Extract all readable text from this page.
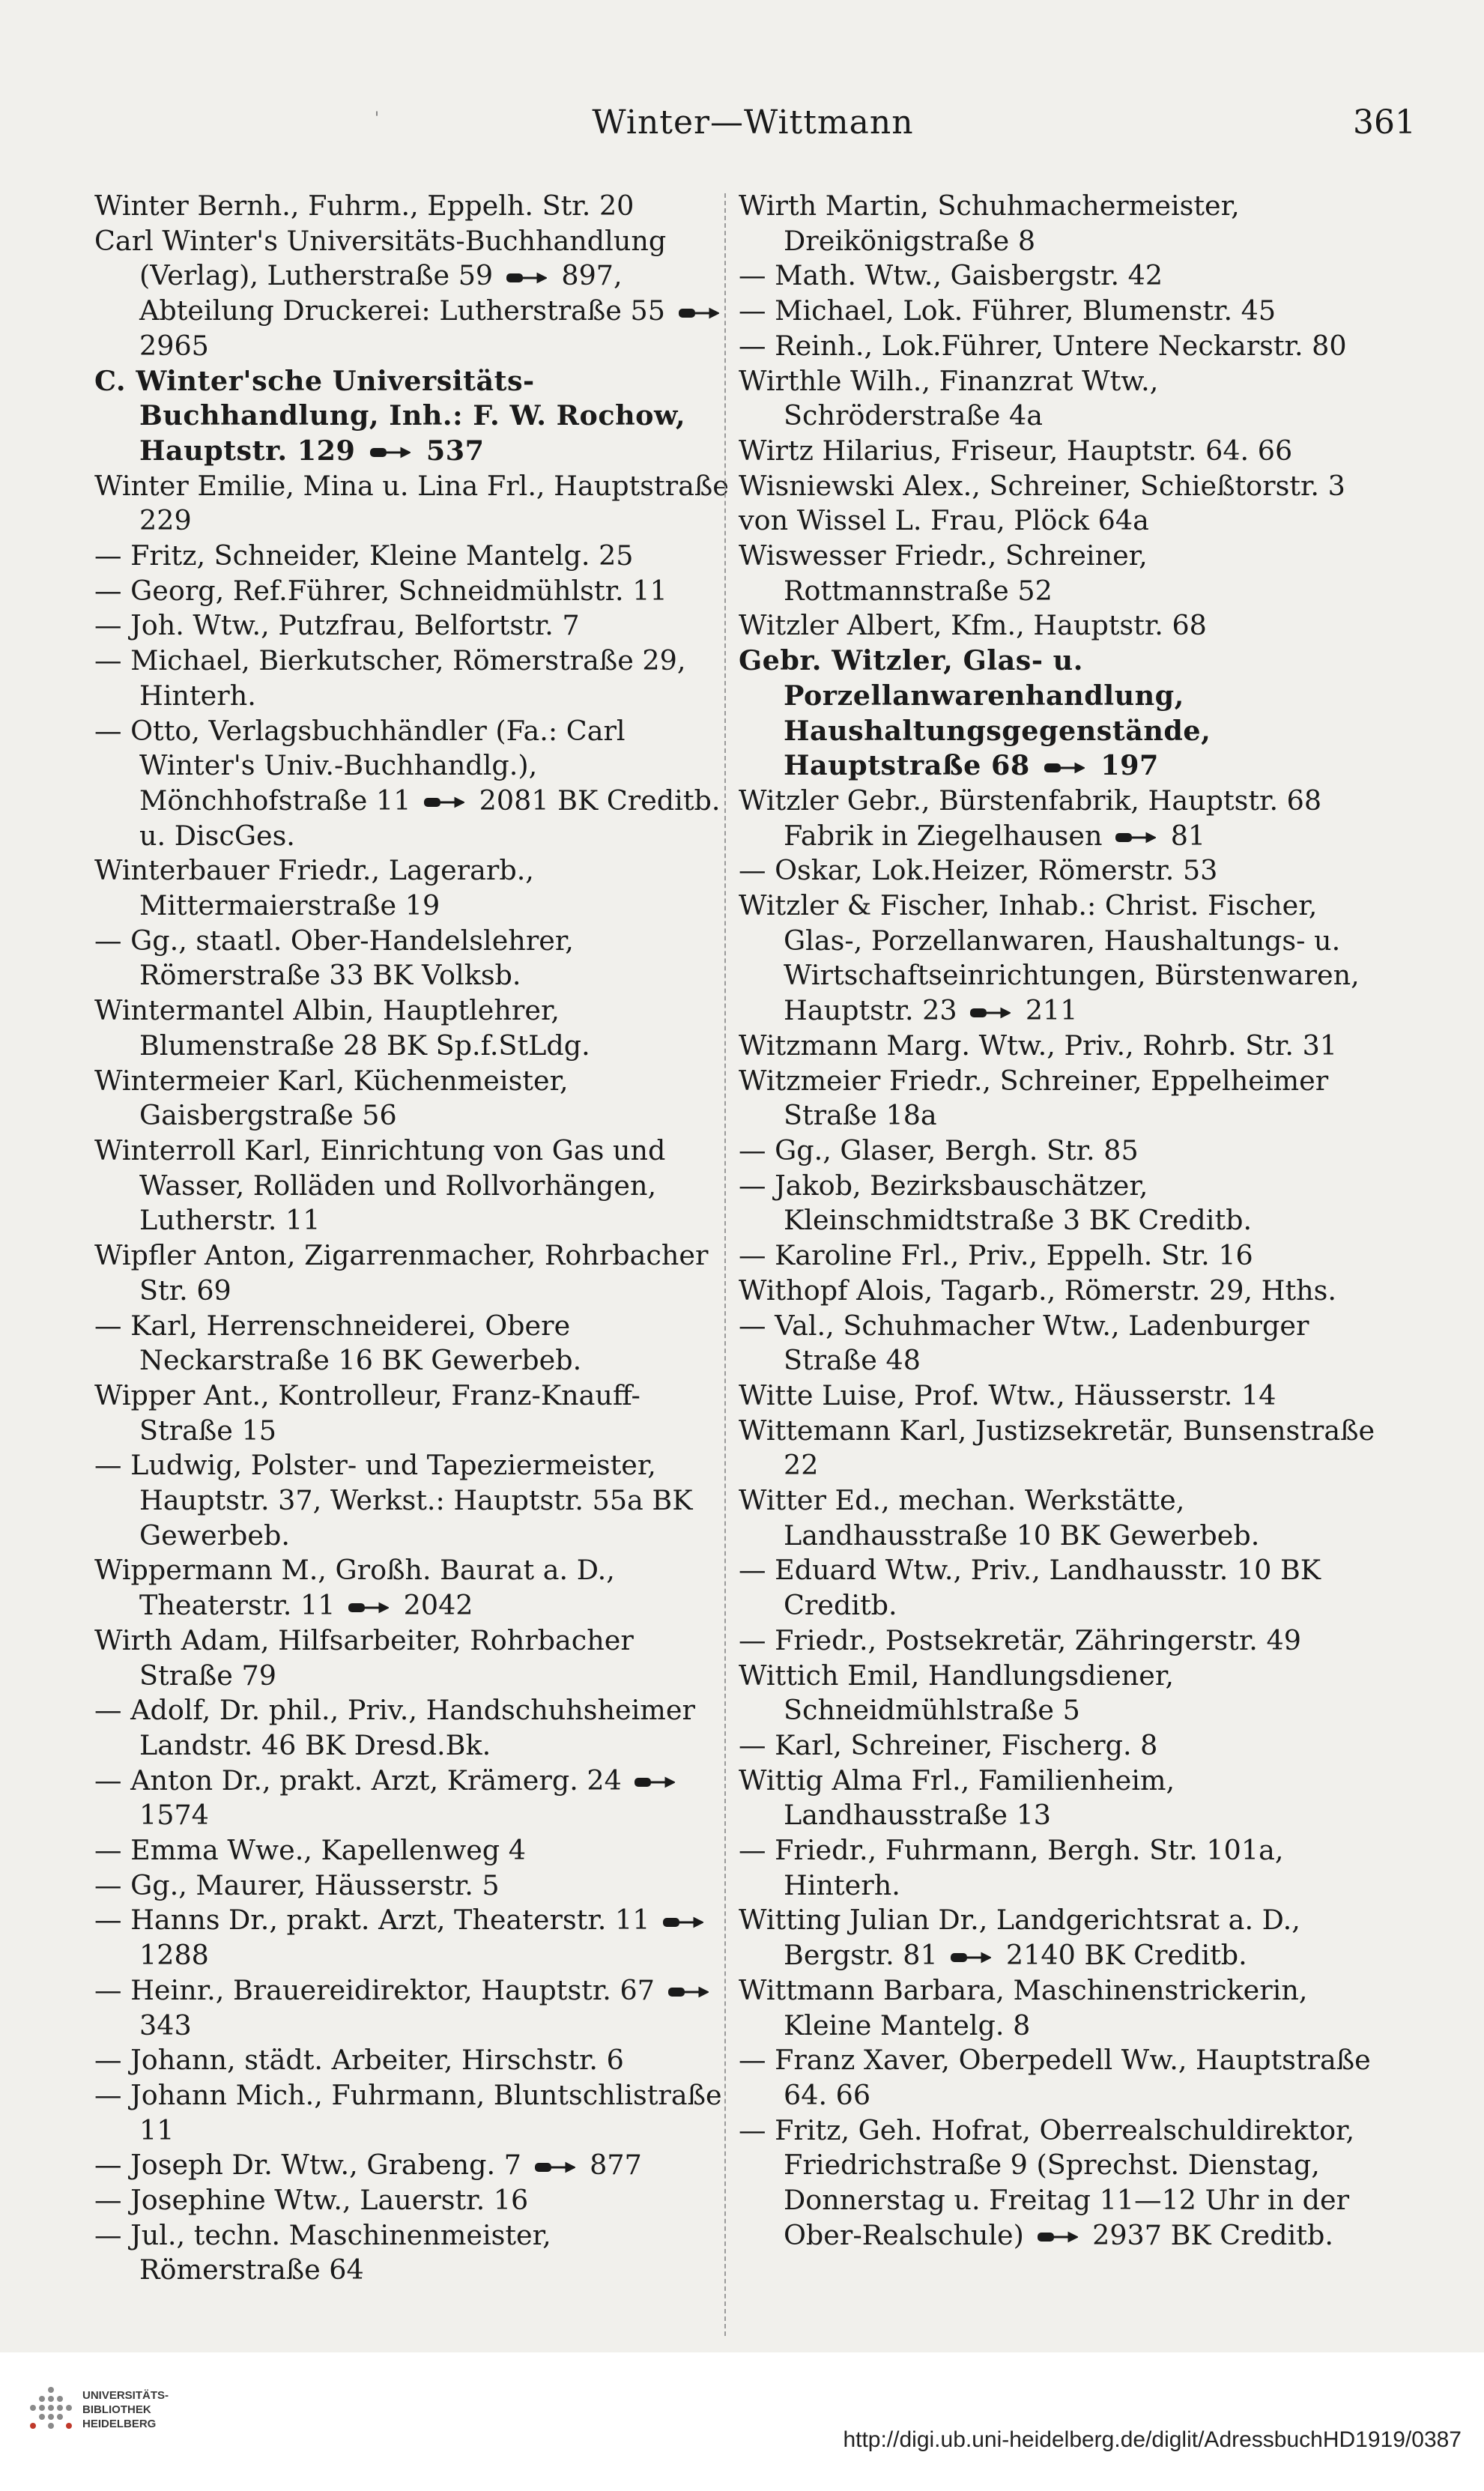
'	Winter—Wittmann	361

Winter Bernh., Fuhrm., Eppelh. Str. 20

Carl Winter's Universitäts-Buchhandlung (Verlag), Lutherstraße 59  897, Abteilung Druckerei: Lutherstraße 55  2965

C. Winter'sche Universitäts-Buchhandlung, Inh.: F. W. Rochow, Hauptstr. 129  537

Winter Emilie, Mina u. Lina Frl., Hauptstraße 229

— Fritz, Schneider, Kleine Mantelg. 25

— Georg, Ref.Führer, Schneidmühlstr. 11

— Joh. Wtw., Putzfrau, Belfortstr. 7

— Michael, Bierkutscher, Römerstraße 29, Hinterh.

— Otto, Verlagsbuchhändler (Fa.: Carl Winter's Univ.-Buchhandlg.), Mönchhofstraße 11  2081 BK Creditb. u. DiscGes.

Winterbauer Friedr., Lagerarb., Mittermaierstraße 19

— Gg., staatl. Ober-Handelslehrer, Römerstraße 33 BK Volksb.

Wintermantel Albin, Hauptlehrer, Blumenstraße 28 BK Sp.f.StLdg.

Wintermeier Karl, Küchenmeister, Gaisbergstraße 56

Winterroll Karl, Einrichtung von Gas und Wasser, Rolläden und Rollvorhängen, Lutherstr. 11

Wipfler Anton, Zigarrenmacher, Rohrbacher Str. 69

— Karl, Herrenschneiderei, Obere Neckarstraße 16 BK Gewerbeb.

Wipper Ant., Kontrolleur, Franz-Knauff-Straße 15

— Ludwig, Polster- und Tapeziermeister, Hauptstr. 37, Werkst.: Hauptstr. 55a BK Gewerbeb.

Wippermann M., Großh. Baurat a. D., Theaterstr. 11  2042

Wirth Adam, Hilfsarbeiter, Rohrbacher Straße 79

— Adolf, Dr. phil., Priv., Handschuhsheimer Landstr. 46 BK Dresd.Bk.

— Anton Dr., prakt. Arzt, Krämerg. 24  1574

— Emma Wwe., Kapellenweg 4

— Gg., Maurer, Häusserstr. 5

— Hanns Dr., prakt. Arzt, Theaterstr. 11  1288

— Heinr., Brauereidirektor, Hauptstr. 67  343

— Johann, städt. Arbeiter, Hirschstr. 6

— Johann Mich., Fuhrmann, Bluntschlistraße 11

— Joseph Dr. Wtw., Grabeng. 7  877

— Josephine Wtw., Lauerstr. 16

— Jul., techn. Maschinenmeister, Römerstraße 64

Wirth Martin, Schuhmachermeister, Dreikönigstraße 8

— Math. Wtw., Gaisbergstr. 42

— Michael, Lok. Führer, Blumenstr. 45

— Reinh., Lok.Führer, Untere Neckarstr. 80

Wirthle Wilh., Finanzrat Wtw., Schröderstraße 4a

Wirtz Hilarius, Friseur, Hauptstr. 64. 66

Wisniewski Alex., Schreiner, Schießtorstr. 3

von Wissel L. Frau, Plöck 64a

Wiswesser Friedr., Schreiner, Rottmannstraße 52

Witzler Albert, Kfm., Hauptstr. 68

Gebr. Witzler, Glas- u. Porzellanwarenhandlung, Haushaltungsgegenstände, Hauptstraße 68  197

Witzler Gebr., Bürstenfabrik, Hauptstr. 68 Fabrik in Ziegelhausen  81

— Oskar, Lok.Heizer, Römerstr. 53

Witzler & Fischer, Inhab.: Christ. Fischer, Glas-, Porzellanwaren, Haushaltungs- u. Wirtschaftseinrichtungen, Bürstenwaren, Hauptstr. 23  211

Witzmann Marg. Wtw., Priv., Rohrb. Str. 31

Witzmeier Friedr., Schreiner, Eppelheimer Straße 18a

— Gg., Glaser, Bergh. Str. 85

— Jakob, Bezirksbauschätzer, Kleinschmidtstraße 3 BK Creditb.

— Karoline Frl., Priv., Eppelh. Str. 16

Withopf Alois, Tagarb., Römerstr. 29, Hths.

— Val., Schuhmacher Wtw., Ladenburger Straße 48

Witte Luise, Prof. Wtw., Häusserstr. 14

Wittemann Karl, Justizsekretär, Bunsenstraße 22

Witter Ed., mechan. Werkstätte, Landhausstraße 10 BK Gewerbeb.

— Eduard Wtw., Priv., Landhausstr. 10 BK Creditb.

— Friedr., Postsekretär, Zähringerstr. 49

Wittich Emil, Handlungsdiener, Schneidmühlstraße 5

— Karl, Schreiner, Fischerg. 8

Wittig Alma Frl., Familienheim, Landhausstraße 13

— Friedr., Fuhrmann, Bergh. Str. 101a, Hinterh.

Witting Julian Dr., Landgerichtsrat a. D., Bergstr. 81  2140 BK Creditb.

Wittmann Barbara, Maschinenstrickerin, Kleine Mantelg. 8

— Franz Xaver, Oberpedell Ww., Hauptstraße 64. 66

— Fritz, Geh. Hofrat, Oberrealschuldirektor, Friedrichstraße 9 (Sprechst. Dienstag, Donnerstag u. Freitag 11—12 Uhr in der Ober-Realschule)  2937 BK Creditb.

UNIVERSITÄTS-
BIBLIOTHEK
HEIDELBERG
http://digi.ub.uni-heidelberg.de/diglit/AdressbuchHD1919/0387
